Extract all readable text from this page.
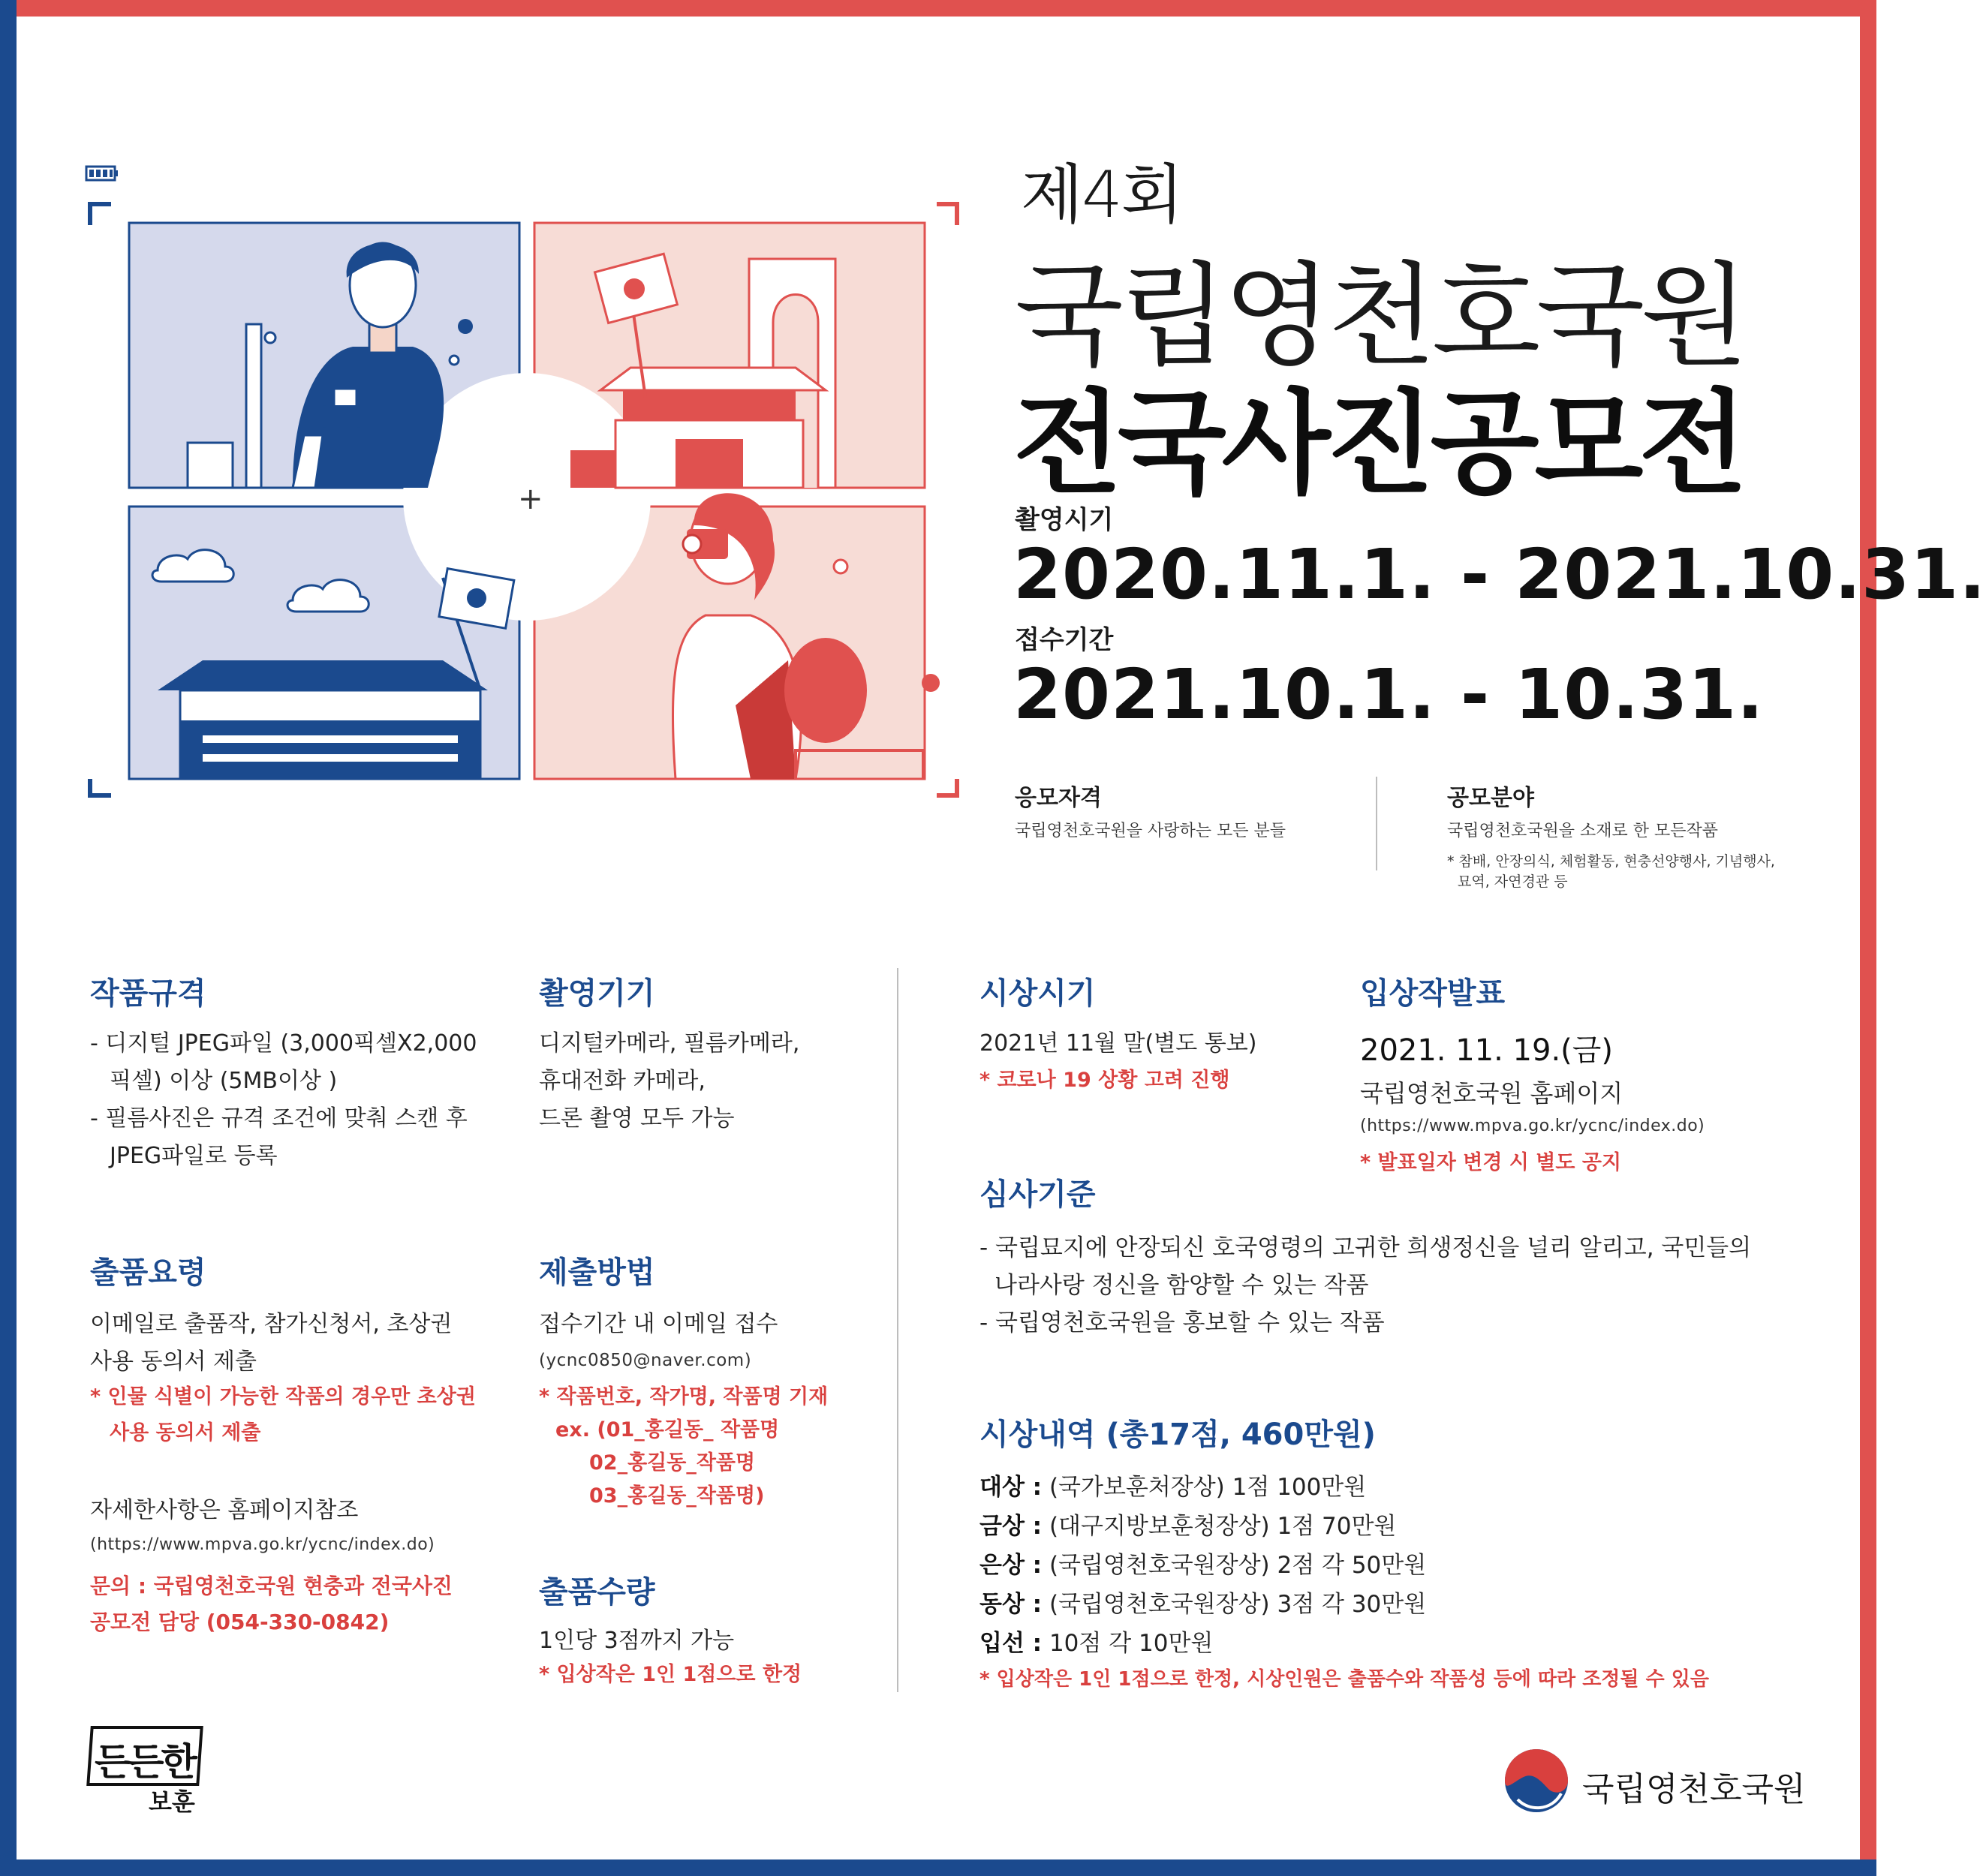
+
제4회
국립영천호국원
전국사진공모전
촬영시기
2020.11.1. - 2021.10.31.
접수기간
2021.10.1. - 10.31.
응모자격
국립영천호국원을 사랑하는 모든 분들
공모분야
국립영천호국원을 소재로 한 모든작품
* 참배, 안장의식, 체험활동, 현충선양행사, 기념행사,
묘역, 자연경관 등
작품규격
- 디지털 JPEG파일 (3,000픽셀X2,000
픽셀) 이상 (5MB이상 )
- 필름사진은 규격 조건에 맞춰 스캔 후
JPEG파일로 등록
촬영기기
디지털카메라, 필름카메라,
휴대전화 카메라,
드론 촬영 모두 가능
출품요령
이메일로 출품작, 참가신청서, 초상권
사용 동의서 제출
* 인물 식별이 가능한 작품의 경우만 초상권
사용 동의서 제출
자세한사항은 홈페이지참조
(https://www.mpva.go.kr/ycnc/index.do)
문의 : 국립영천호국원 현충과 전국사진
공모전 담당 (054-330-0842)
제출방법
접수기간 내 이메일 접수
(ycnc0850@naver.com)
* 작품번호, 작가명, 작품명 기재
ex. (01_홍길동_ 작품명
02_홍길동_작품명
03_홍길동_작품명)
출품수량
1인당 3점까지 가능
* 입상작은 1인 1점으로 한정
시상시기
2021년 11월 말(별도 통보)
* 코로나 19 상황 고려 진행
입상작발표
2021. 11. 19.(금)
국립영천호국원 홈페이지
(https://www.mpva.go.kr/ycnc/index.do)
* 발표일자 변경 시 별도 공지
심사기준
- 국립묘지에 안장되신 호국영령의 고귀한 희생정신을 널리 알리고, 국민들의
나라사랑 정신을 함양할 수 있는 작품
- 국립영천호국원을 홍보할 수 있는 작품
시상내역 (총17점, 460만원)
대상 : (국가보훈처장상) 1점 100만원
금상 : (대구지방보훈청장상) 1점 70만원
은상 : (국립영천호국원장상) 2점 각 50만원
동상 : (국립영천호국원장상) 3점 각 30만원
입선 : 10점 각 10만원
* 입상작은 1인 1점으로 한정, 시상인원은 출품수와 작품성 등에 따라 조정될 수 있음
든든한
보훈	국립영천호국원
